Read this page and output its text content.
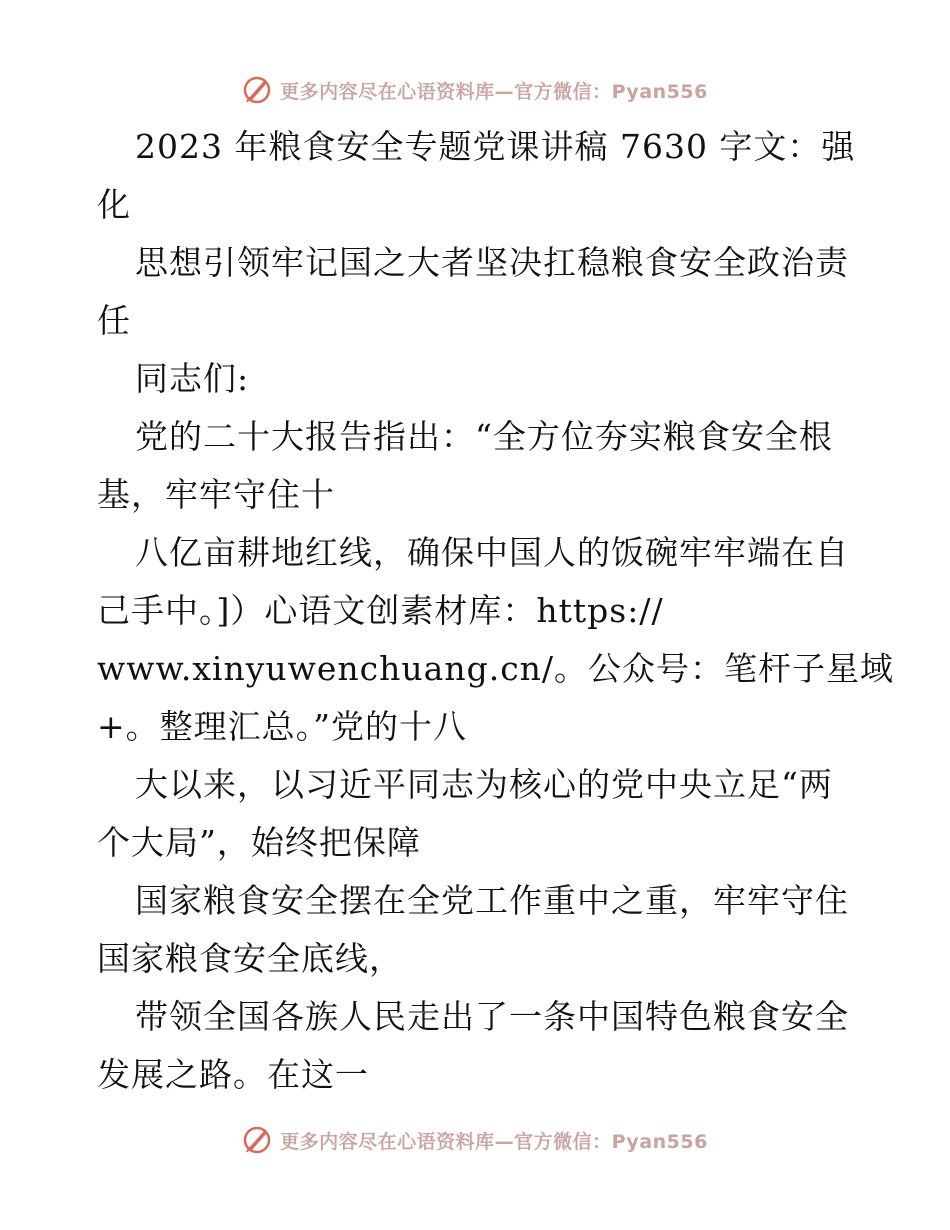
更多内容尽在心语资料库—官方微信：Pyan556
2023 年粮食安全专题党课讲稿 7630 字文：强
化
思想引领牢记国之大者坚决扛稳粮食安全政治责
任
同志们:
党的二十大报告指出：“全方位夯实粮食安全根
基，牢牢守住十
八亿亩耕地红线，确保中国人的饭碗牢牢端在自
己手中。]）心语文创素材库：https://
www.xinyuwenchuang.cn/。公众号：笔杆子星域
+。整理汇总。”党的十八
大以来，以习近平同志为核心的党中央立足“两
个大局”，始终把保障
国家粮食安全摆在全党工作重中之重，牢牢守住
国家粮食安全底线，
带领全国各族人民走出了一条中国特色粮食安全
发展之路。在这一
更多内容尽在心语资料库—官方微信：Pyan556
